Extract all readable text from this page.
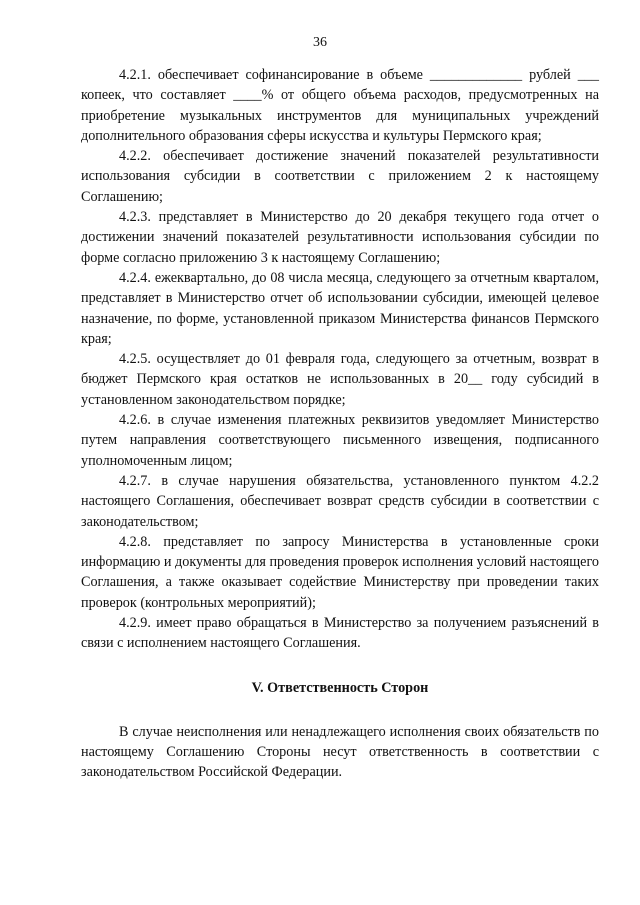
36

4.2.1. обеспечивает софинансирование в объеме _____________ рублей ___ копеек, что составляет ____% от общего объема расходов, предусмотренных на приобретение музыкальных инструментов для муниципальных учреждений дополнительного образования сферы искусства и культуры Пермского края;

4.2.2. обеспечивает достижение значений показателей результативности использования субсидии в соответствии с приложением 2 к настоящему Соглашению;

4.2.3. представляет в Министерство до 20 декабря текущего года отчет о достижении значений показателей результативности использования субсидии по форме согласно приложению 3 к настоящему Соглашению;

4.2.4. ежеквартально, до 08 числа месяца, следующего за отчетным кварталом, представляет в Министерство отчет об использовании субсидии, имеющей целевое назначение, по форме, установленной приказом Министерства финансов Пермского края;

4.2.5. осуществляет до 01 февраля года, следующего за отчетным, возврат в бюджет Пермского края остатков не использованных в 20__ году субсидий в установленном законодательством порядке;

4.2.6. в случае изменения платежных реквизитов уведомляет Министерство путем направления соответствующего письменного извещения, подписанного уполномоченным лицом;

4.2.7. в случае нарушения обязательства, установленного пунктом 4.2.2 настоящего Соглашения, обеспечивает возврат средств субсидии в соответствии с законодательством;

4.2.8. представляет по запросу Министерства в установленные сроки информацию и документы для проведения проверок исполнения условий настоящего Соглашения, а также оказывает содействие Министерству при проведении таких проверок (контрольных мероприятий);

4.2.9. имеет право обращаться в Министерство за получением разъяснений в связи с исполнением настоящего Соглашения.

V. Ответственность Сторон

В случае неисполнения или ненадлежащего исполнения своих обязательств по настоящему Соглашению Стороны несут ответственность в соответствии с законодательством Российской Федерации.
